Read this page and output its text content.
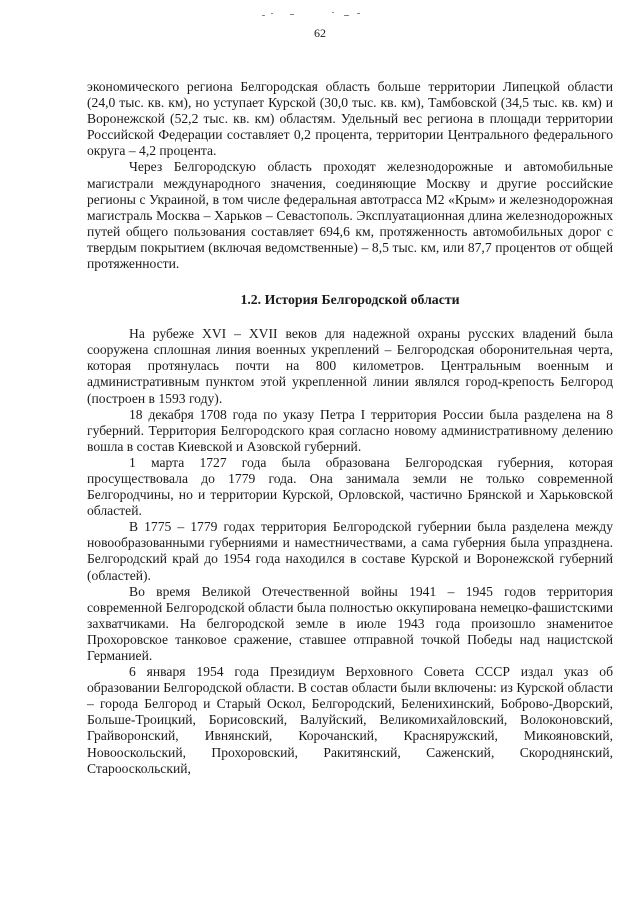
62

экономического региона Белгородская область больше территории Липецкой области (24,0 тыс. кв. км), но уступает Курской (30,0 тыс. кв. км), Тамбовской (34,5 тыс. кв. км) и Воронежской (52,2 тыс. кв. км) областям. Удельный вес региона в площади территории Российской Федерации составляет 0,2 процента, территории Центрального федерального округа – 4,2 процента.

Через Белгородскую область проходят железнодорожные и автомобильные магистрали международного значения, соединяющие Москву и другие российские регионы с Украиной, в том числе федеральная автотрасса М2 «Крым» и железнодорожная магистраль Москва – Харьков – Севастополь. Эксплуатационная длина железнодорожных путей общего пользования составляет 694,6 км, протяженность автомобильных дорог с твердым покрытием (включая ведомственные) – 8,5 тыс. км, или 87,7 процентов от общей протяженности.

1.2. История Белгородской области

На рубеже XVI – XVII веков для надежной охраны русских владений была сооружена сплошная линия военных укреплений – Белгородская оборонительная черта, которая протянулась почти на 800 километров. Центральным военным и административным пунктом этой укрепленной линии являлся город-крепость Белгород (построен в 1593 году).

18 декабря 1708 года по указу Петра I территория России была разделена на 8 губерний. Территория Белгородского края согласно новому административному делению вошла в состав Киевской и Азовской губерний.

1 марта 1727 года была образована Белгородская губерния, которая просуществовала до 1779 года. Она занимала земли не только современной Белгородчины, но и территории Курской, Орловской, частично Брянской и Харьковской областей.

В 1775 – 1779 годах территория Белгородской губернии была разделена между новообразованными губерниями и наместничествами, а сама губерния была упразднена. Белгородский край до 1954 года находился в составе Курской и Воронежской губерний (областей).

Во время Великой Отечественной войны 1941 – 1945 годов территория современной Белгородской области была полностью оккупирована немецко-фашистскими захватчиками. На белгородской земле в июле 1943 года произошло знаменитое Прохоровское танковое сражение, ставшее отправной точкой Победы над нацистской Германией.

6 января 1954 года Президиум Верховного Совета СССР издал указ об образовании Белгородской области. В состав области были включены: из Курской области – города Белгород и Старый Оскол, Белгородский, Беленихинский, Боброво-Дворский, Больше-Троицкий, Борисовский, Валуйский, Великомихайловский, Волоконовский, Грайворонский, Ивнянский, Корочанский, Красняружский, Микояновский, Новооскольский, Прохоровский, Ракитянский, Саженский, Скороднянский, Старооскольский,
